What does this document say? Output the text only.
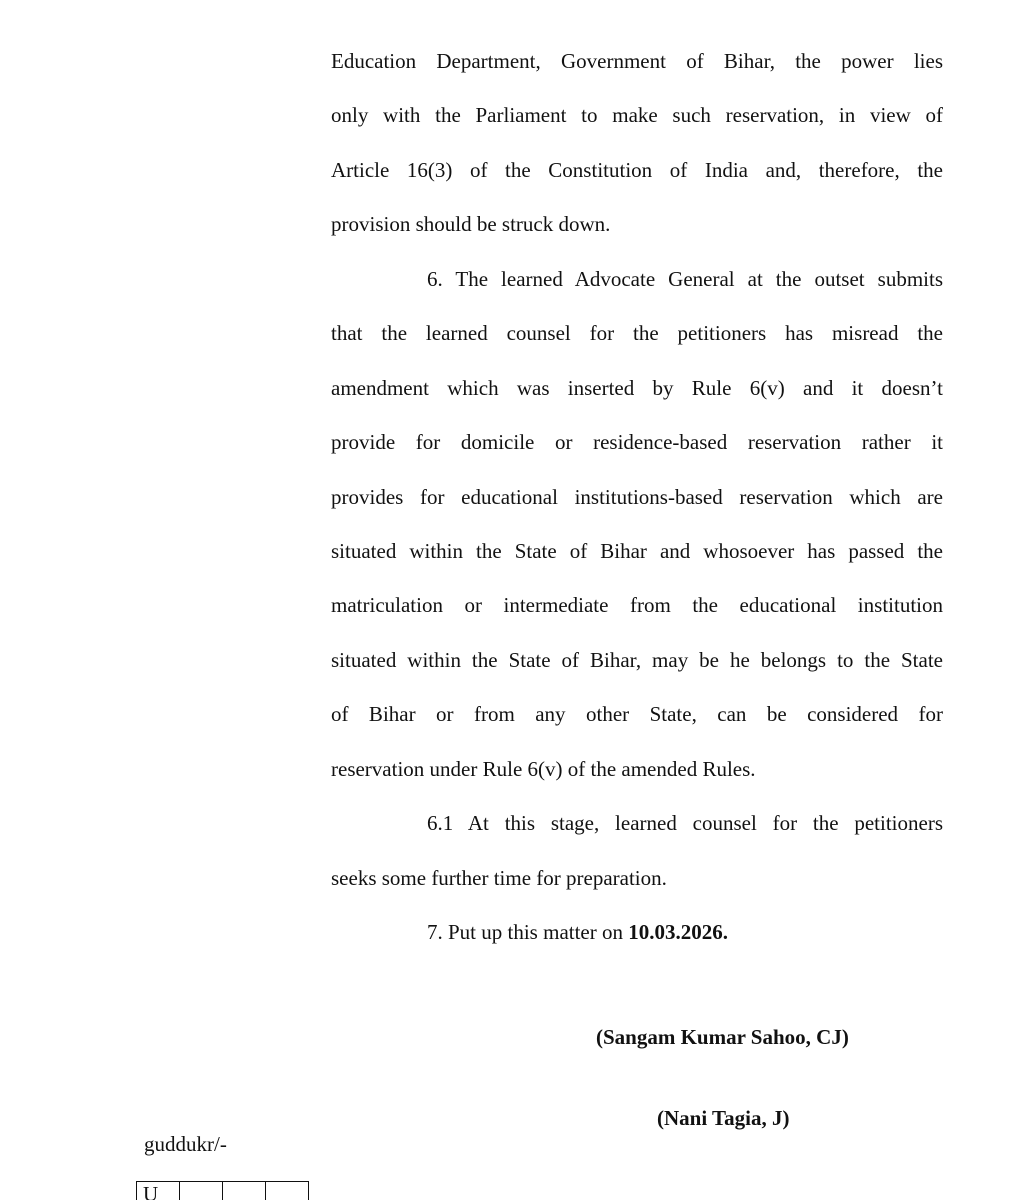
Education Department, Government of Bihar, the power lies
only with the Parliament to make such reservation, in view of
Article 16(3) of the Constitution of India and, therefore, the
provision should be struck down.
6. The learned Advocate General at the outset submits
that the learned counsel for the petitioners has misread the
amendment which was inserted by Rule 6(v) and it doesn’t
provide for domicile or residence-based reservation rather it
provides for educational institutions-based reservation which are
situated within the State of Bihar and whosoever has passed the
matriculation or intermediate from the educational institution
situated within the State of Bihar, may be he belongs to the State
of Bihar or from any other State, can be considered for
reservation under Rule 6(v) of the amended Rules.
6.1 At this stage, learned counsel for the petitioners
seeks some further time for preparation.
7. Put up this matter on 10.03.2026.
(Sangam Kumar Sahoo, CJ)
(Nani Tagia, J)
guddukr/-
U			
